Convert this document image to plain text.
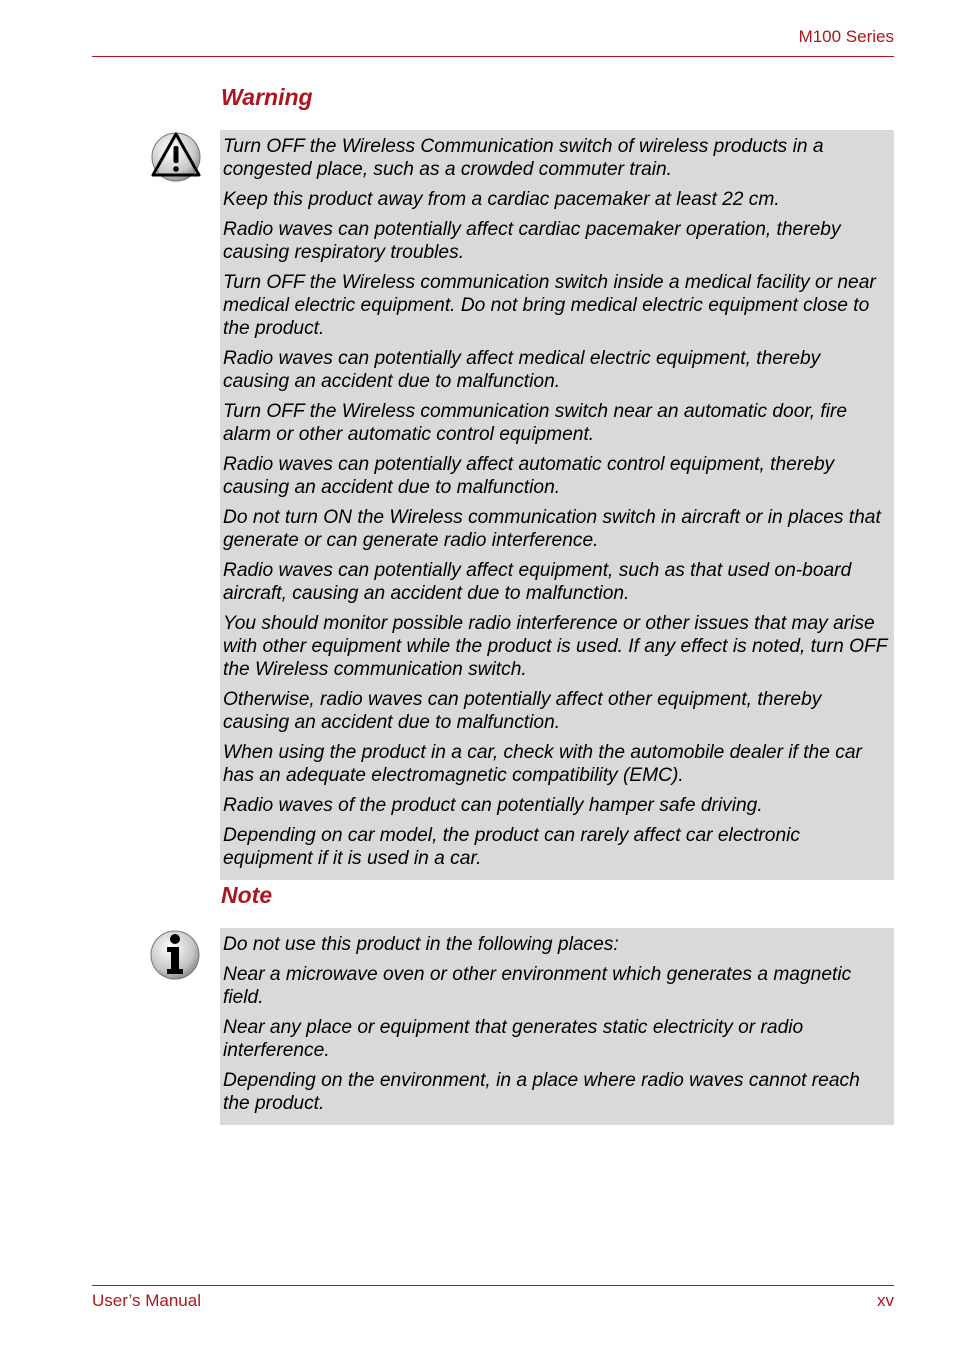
M100 Series
Warning

Turn OFF the Wireless Communication switch of wireless products in a congested place, such as a crowded commuter train.

Keep this product away from a cardiac pacemaker at least 22 cm.

Radio waves can potentially affect cardiac pacemaker operation, thereby causing respiratory troubles.

Turn OFF the Wireless communication switch inside a medical facility or near medical electric equipment. Do not bring medical electric equipment close to the product.

Radio waves can potentially affect medical electric equipment, thereby causing an accident due to malfunction.

Turn OFF the Wireless communication switch near an automatic door, fire alarm or other automatic control equipment.

Radio waves can potentially affect automatic control equipment, thereby causing an accident due to malfunction.

Do not turn ON the Wireless communication switch in aircraft or in places that generate or can generate radio interference.

Radio waves can potentially affect equipment, such as that used on-board aircraft, causing an accident due to malfunction.

You should monitor possible radio interference or other issues that may arise with other equipment while the product is used. If any effect is noted, turn OFF the Wireless communication switch.

Otherwise, radio waves can potentially affect other equipment, thereby causing an accident due to malfunction.

When using the product in a car, check with the automobile dealer if the car has an adequate electromagnetic compatibility (EMC).

Radio waves of the product can potentially hamper safe driving.

Depending on car model, the product can rarely affect car electronic equipment if it is used in a car.

Note

Do not use this product in the following places:

Near a microwave oven or other environment which generates a magnetic field.

Near any place or equipment that generates static electricity or radio interference.

Depending on the environment, in a place where radio waves cannot reach the product.

User’s Manual	xv
